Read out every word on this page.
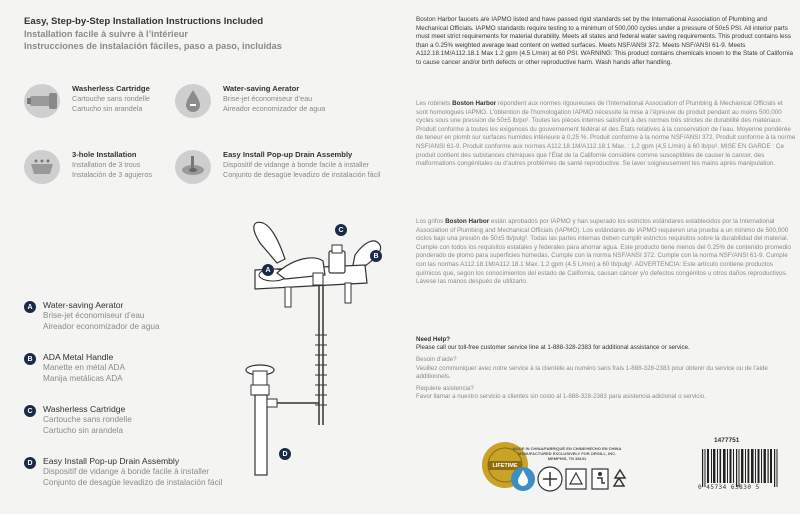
Easy, Step-by-Step Installation Instructions Included
Installation facile à suivre à l’intérieur
Instrucciones de instalación fáciles, paso a paso, incluidas
Washerless Cartridge
Cartouche sans rondelle
Cartucho sin arandela
Water-saving Aerator
Brise-jet économiseur d’eau
Aireador economizador de agua
3-hole Installation
Installation de 3 trous
Instalación de 3 agujeros
Easy Install Pop-up Drain Assembly
Dispositif de vidange à bonde facile à installer
Conjunto de desagüe levadizo de instalación fácil
A	Water-saving Aerator
Brise-jet économiseur d’eau
Aireador economizador de agua
B	ADA Metal Handle
Manette en métal ADA
Manija metálicas ADA
C	Washerless Cartridge
Cartouche sans rondelle
Cartucho sin arandela
D	Easy Install Pop-up Drain Assembly
Dispositif de vidange à bonde facile à installer
Conjunto de desagüe levadizo de instalación fácil
A
B
C
D
Boston Harbor faucets are IAPMO listed and have passed rigid standards set by the International Association of Plumbing and Mechanical Officials. IAPMO standards require testing to a minimum of 500,000 cycles under a pressure of 50±5 PSI. All interior parts must meet strict requirements for material durability. Meets all states and federal water saving requirements. This product contains less than a 0.25% weighted average lead content on wetted surfaces. Meets NSF/ANSI 372. Meets NSF/ANSI 61-9. Meets A112.18.1M/A112.18.1 Max 1.2 gpm (4.5 L/min) at 60 PSI. WARNING: This product contains chemicals known to the State of California to cause cancer and/or birth defects or other reproductive harm. Wash hands after handling.
Les robinets Boston Harbor répondent aux normes rigoureuses de l’International Association of Plumbing & Mechanical Officials et sont homologués IAPMO. L’obtention de l’homologation IAPMO nécessite la mise à l’épreuve du produit pendant au moins 500,000 cycles sous une pression de 50±5 lb/po². Toutes les pièces internes satisfont à des normes très strictes de durabilité des matériaux. Produit conforme à toutes les exigences du gouvernement fédéral et des États relatives à la conservation de l’eau. Moyenne pondérée de teneur en plomb sur surfaces humides inférieure à 0,25 %. Produit conforme à la norme NSF/ANSI 372. Produit conforme à la norme NSF/ANSI 61-9. Produit conforme aux normes A112.18.1M/A112.18.1 Max. : 1,2 gpm (4,5 L/min) à 60 lb/po². MISE EN GARDE : Ce produit contient des substances chimiques que l’État de la Californie considère comme susceptibles de causer le cancer, des malformations congénitales ou d’autres problèmes de santé reproductive. Se laver soigneusement les mains après manipulation.
Los grifos Boston Harbor están aprobados por IAPMO y han superado los estrictos estándares establecidos por la International Association of Plumbing and Mechanical Officials (IAPMO). Los estándares de IAPMO requieren una prueba a un mínimo de 500,000 ciclos bajo una presión de 50±5 lb/pulg². Todas las partes internas deben cumplir estrictos requisitos sobre la durabilidad del material. Cumple con todos los requisitos estatales y federales para ahorrar agua. Este producto tiene menos del 0.25% de contenido promedio ponderado de plomo para superficies húmedas. Cumple con la norma NSF/ANSI 372. Cumple con la norma NSF/ANSI 61-9. Cumple con las normas A112.18.1M/A112.18.1 Max. 1.2 gpm (4.5 L/min) a 60 lb/pulg². ADVERTENCIA: Este artículo contiene productos químicos que, según los conocimientos del estado de California, causan cáncer y/o defectos congénitos u otros daños reproductivos. Lávese las manos después de utilizarlo.
Need Help?
Please call our toll-free customer service line at 1-888-328-2383 for additional assistance or service.
Besoin d’aide?
Veuillez communiquer avec notre service à la clientèle au numéro sans frais 1-888-328-2383 pour obtenir du service ou de l’aide additionnels.
Requiere asistencia?
Favor llamar a nuestro servicio a clientes sin costo al 1-888-328-2383 para asistencia adicional o servicio.
LIFETIME
MADE IN CHINA/FABRIQUÉ EN CHINE/HECHO EN CHINA MANUFACTURED EXCLUSIVELY FOR ORGILL, INC. MEMPHIS, TN 38101
1477751
0 45734 63830 5
